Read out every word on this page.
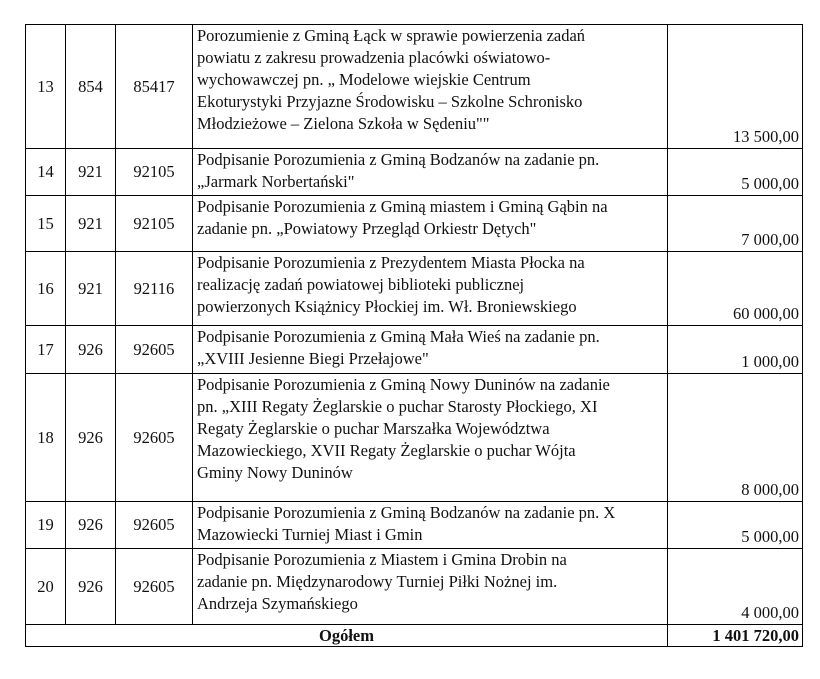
13	854	85417	Porozumienie z Gminą Łąck w sprawie powierzenia zadań
powiatu z zakresu prowadzenia placówki oświatowo-
wychowawczej pn. „ Modelowe wiejskie Centrum
Ekoturystyki Przyjazne Środowisku – Szkolne Schronisko
Młodzieżowe – Zielona Szkoła w Sędeniu""	13 500,00
14	921	92105	Podpisanie Porozumienia z Gminą Bodzanów na zadanie pn.
„Jarmark Norbertański"	5 000,00
15	921	92105	Podpisanie Porozumienia z Gminą miastem i Gminą Gąbin na
zadanie pn. „Powiatowy Przegląd Orkiestr Dętych"	7 000,00
16	921	92116	Podpisanie Porozumienia z Prezydentem Miasta Płocka na
realizację zadań powiatowej biblioteki publicznej
powierzonych Książnicy Płockiej im. Wł. Broniewskiego	60 000,00
17	926	92605	Podpisanie Porozumienia z Gminą Mała Wieś na zadanie pn.
„XVIII Jesienne Biegi Przełajowe"	1 000,00
18	926	92605	Podpisanie Porozumienia z Gminą Nowy Duninów na zadanie
pn. „XIII Regaty Żeglarskie o puchar Starosty Płockiego, XI
Regaty Żeglarskie o puchar Marszałka Województwa
Mazowieckiego, XVII Regaty Żeglarskie o puchar Wójta
Gminy Nowy Duninów	8 000,00
19	926	92605	Podpisanie Porozumienia z Gminą Bodzanów na zadanie pn. X
Mazowiecki Turniej Miast i Gmin	5 000,00
20	926	92605	Podpisanie Porozumienia z Miastem i Gmina Drobin na
zadanie pn. Międzynarodowy Turniej Piłki Nożnej im.
Andrzeja Szymańskiego	4 000,00
Ogółem				1 401 720,00
